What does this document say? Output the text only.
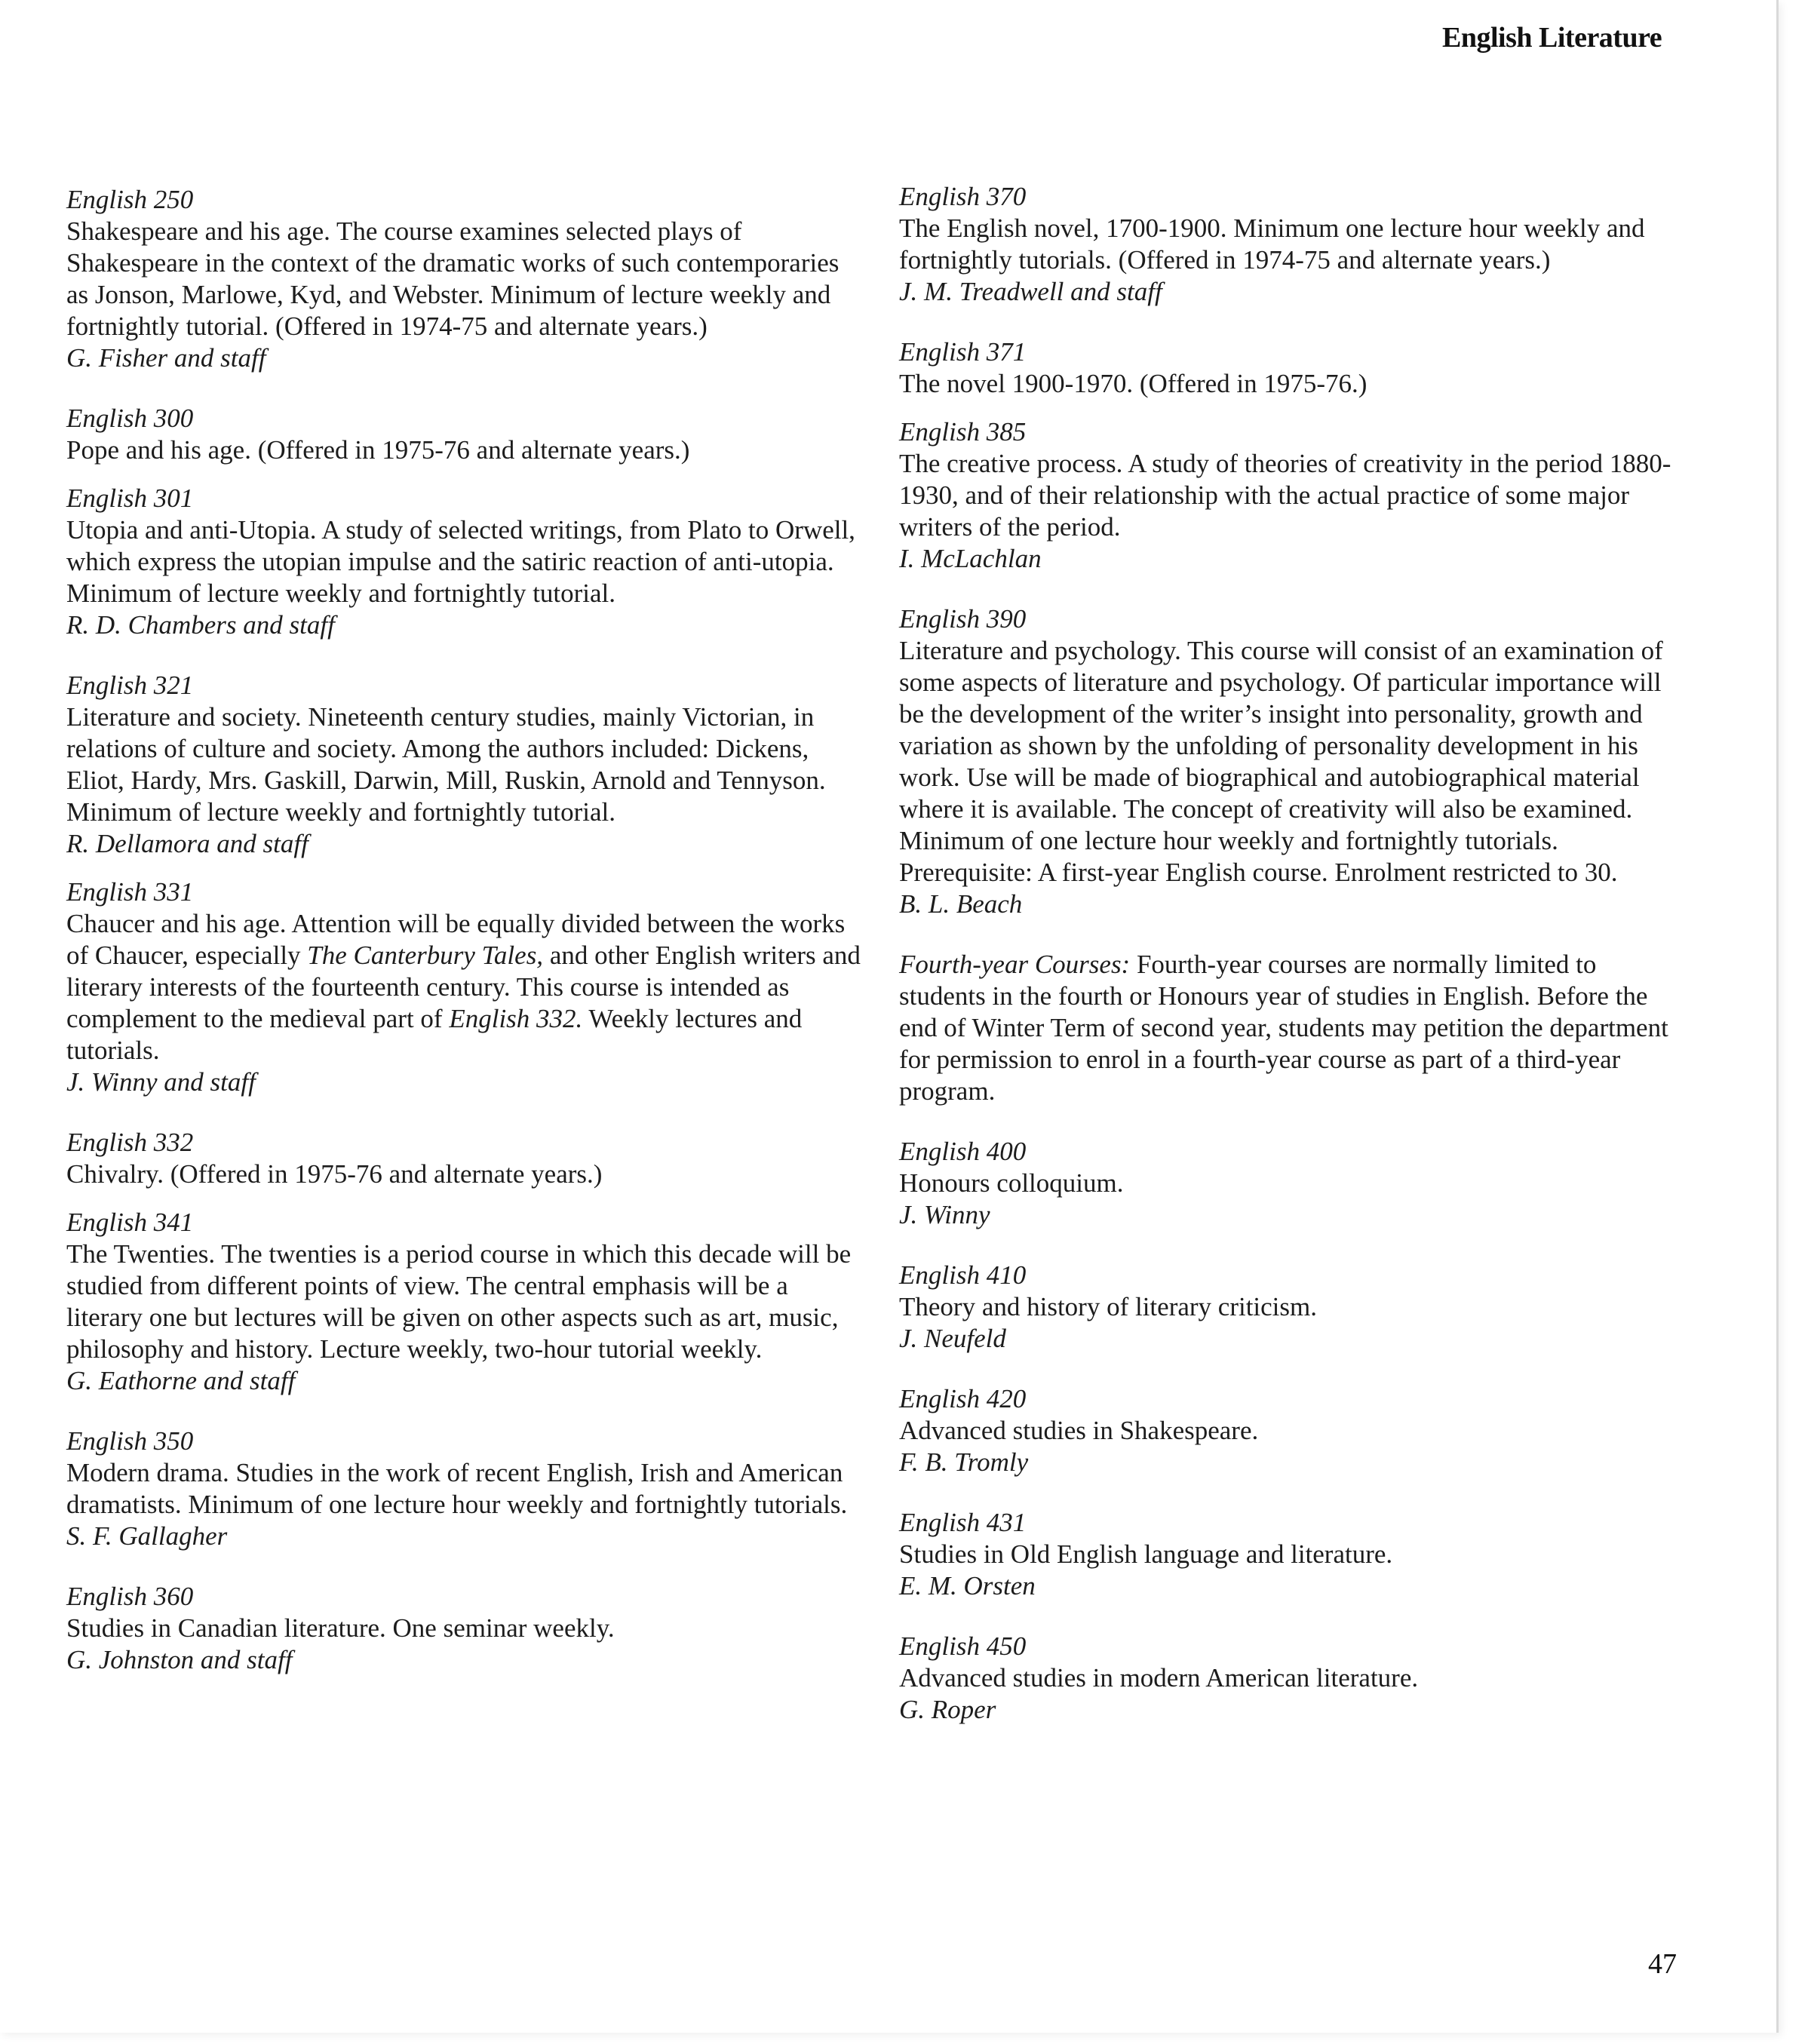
English Literature
English 250
Shakespeare and his age. The course examines selected plays of Shakespeare in the context of the dramatic works of such contemporaries as Jonson, Marlowe, Kyd, and Webster. Minimum of lecture weekly and fortnightly tutorial. (Offered in 1974-75 and alternate years.)
G. Fisher and staff
English 300
Pope and his age. (Offered in 1975-76 and alternate years.)
English 301
Utopia and anti-Utopia. A study of selected writings, from Plato to Orwell, which express the utopian impulse and the satiric reaction of anti-utopia. Minimum of lecture weekly and fortnightly tutorial.
R. D. Chambers and staff
English 321
Literature and society. Nineteenth century studies, mainly Victorian, in relations of culture and society. Among the authors included: Dickens, Eliot, Hardy, Mrs. Gaskill, Darwin, Mill, Ruskin, Arnold and Tennyson. Minimum of lecture weekly and fortnightly tutorial.
R. Dellamora and staff
English 331
Chaucer and his age. Attention will be equally divided between the works of Chaucer, especially The Canterbury Tales, and other English writers and literary interests of the fourteenth century. This course is intended as complement to the medieval part of English 332. Weekly lectures and tutorials.
J. Winny and staff
English 332
Chivalry. (Offered in 1975-76 and alternate years.)
English 341
The Twenties. The twenties is a period course in which this decade will be studied from different points of view. The central emphasis will be a literary one but lectures will be given on other aspects such as art, music, philosophy and history. Lecture weekly, two-hour tutorial weekly.
G. Eathorne and staff
English 350
Modern drama. Studies in the work of recent English, Irish and American dramatists. Minimum of one lecture hour weekly and fortnightly tutorials.
S. F. Gallagher
English 360
Studies in Canadian literature. One seminar weekly.
G. Johnston and staff
English 370
The English novel, 1700-1900. Minimum one lecture hour weekly and fortnightly tutorials. (Offered in 1974-75 and alternate years.)
J. M. Treadwell and staff
English 371
The novel 1900-1970. (Offered in 1975-76.)
English 385
The creative process. A study of theories of creativity in the period 1880-1930, and of their relationship with the actual practice of some major writers of the period.
I. McLachlan
English 390
Literature and psychology. This course will consist of an examination of some aspects of literature and psychology. Of particular importance will be the development of the writer’s insight into personality, growth and variation as shown by the unfolding of personality development in his work. Use will be made of biographical and autobiographical material where it is available. The concept of creativity will also be examined. Minimum of one lecture hour weekly and fortnightly tutorials. Prerequisite: A first-year English course. Enrolment restricted to 30.
B. L. Beach
Fourth-year Courses: Fourth-year courses are normally limited to students in the fourth or Honours year of studies in English. Before the end of Winter Term of second year, students may petition the department for permission to enrol in a fourth-year course as part of a third-year program.
English 400
Honours colloquium.
J. Winny
English 410
Theory and history of literary criticism.
J. Neufeld
English 420
Advanced studies in Shakespeare.
F. B. Tromly
English 431
Studies in Old English language and literature.
E. M. Orsten
English 450
Advanced studies in modern American literature.
G. Roper
47
